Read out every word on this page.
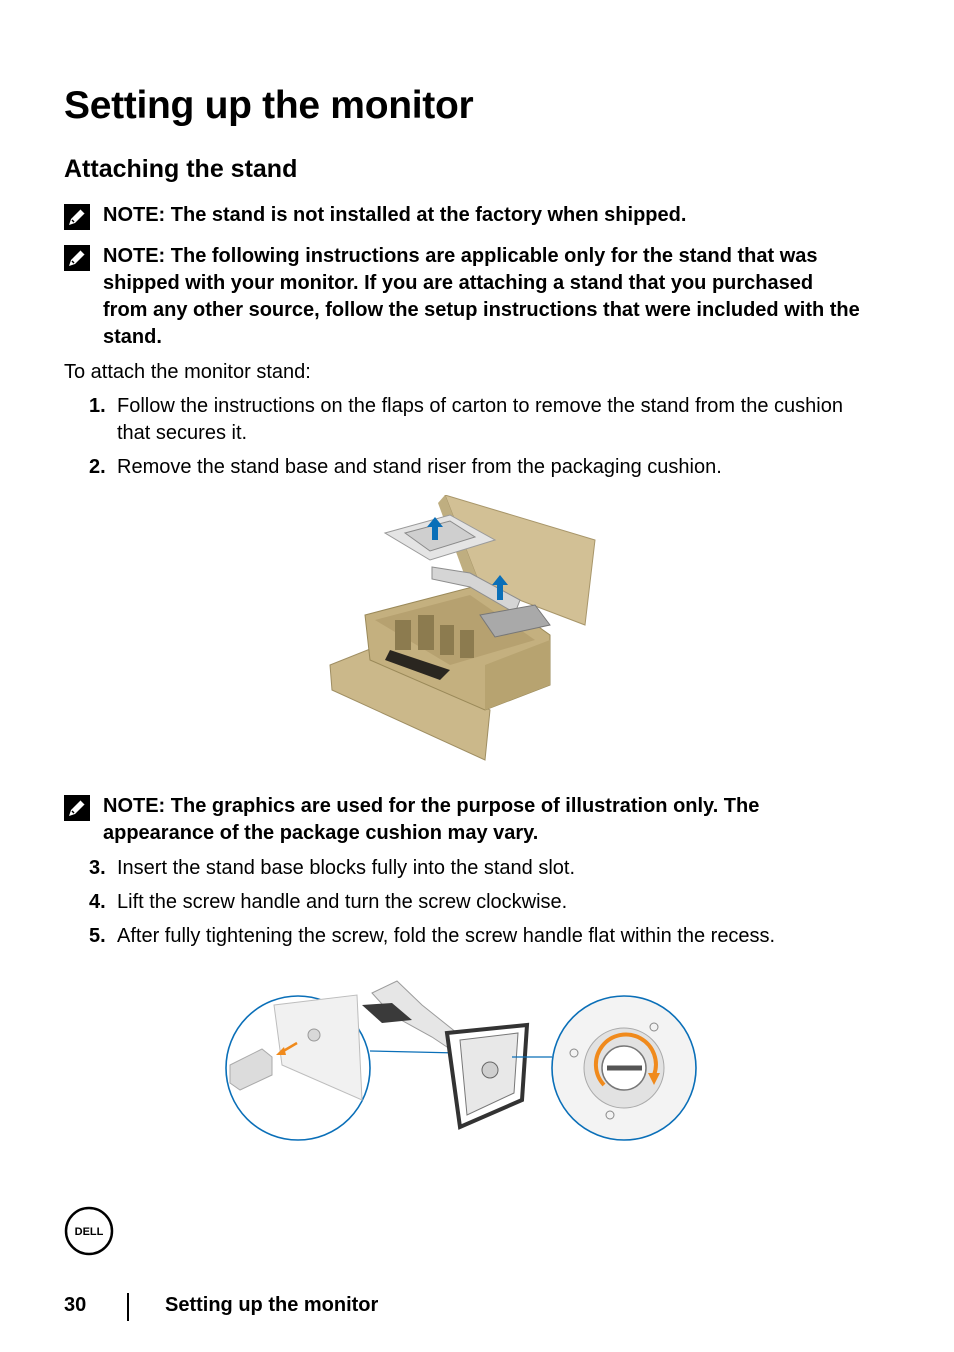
Setting up the monitor
Attaching the stand
NOTE: The stand is not installed at the factory when shipped.
NOTE: The following instructions are applicable only for the stand that was shipped with your monitor. If you are attaching a stand that you purchased from any other source, follow the setup instructions that were included with the stand.
To attach the monitor stand:
1. Follow the instructions on the flaps of carton to remove the stand from the cushion that secures it.
2. Remove the stand base and stand riser from the packaging cushion.
NOTE: The graphics are used for the purpose of illustration only. The appearance of the package cushion may vary.
3. Insert the stand base blocks fully into the stand slot.
4. Lift the screw handle and turn the screw clockwise.
5. After fully tightening the screw, fold the screw handle flat within the recess.
DELL
30	Setting up the monitor
